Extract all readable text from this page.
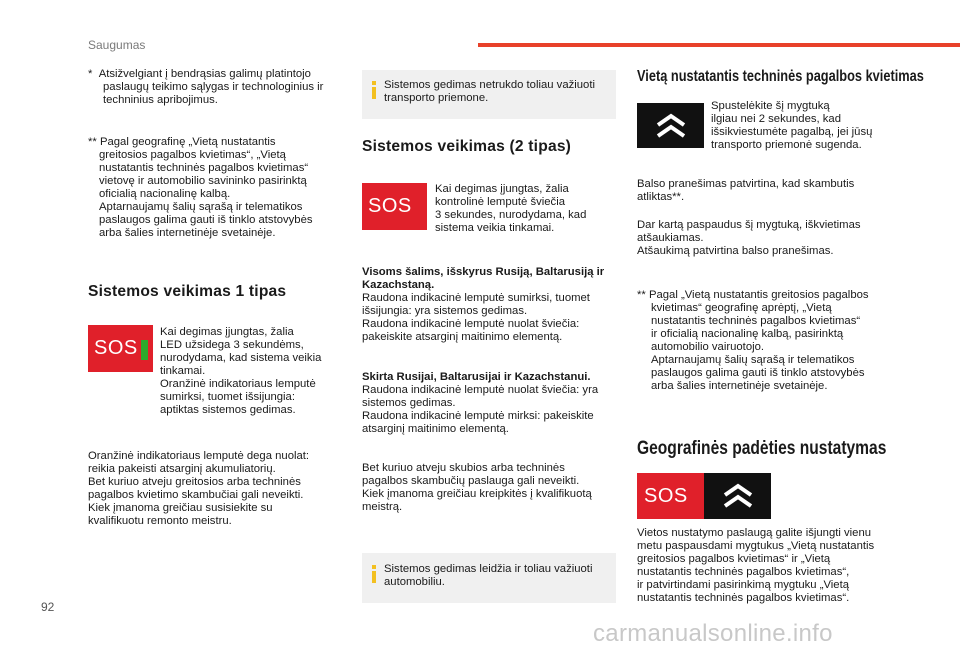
Saugumas

* Atsižvelgiant į bendrąsias galimų platintojo paslaugų teikimo sąlygas ir technologinius ir techninius apribojimus.

** Pagal geografinę „Vietą nustatantis
greitosios pagalbos kvietimas“, „Vietą
nustatantis techninės pagalbos kvietimas“
vietovę ir automobilio savininko pasirinktą
oficialią nacionalinę kalbą.
Aptarnaujamų šalių sąrašą ir telematikos
paslaugos galima gauti iš tinklo atstovybės
arba šalies internetinėje svetainėje.
Sistemos veikimas 1 tipas
SOS
Kai degimas įjungtas, žalia
LED užsidega 3 sekundėms,
nurodydama, kad sistema veikia
tinkamai.
Oranžinė indikatoriaus lemputė
sumirksi, tuomet išsijungia:
aptiktas sistemos gedimas.
Oranžinė indikatoriaus lemputė dega nuolat:
reikia pakeisti atsarginį akumuliatorių.
Bet kuriuo atveju greitosios arba techninės
pagalbos kvietimo skambučiai gali neveikti.
Kiek įmanoma greičiau susisiekite su
kvalifikuotu remonto meistru.
Sistemos gedimas netrukdo toliau važiuoti transporto priemone.
Sistemos veikimas (2 tipas)
SOS
Kai degimas įjungtas, žalia
kontrolinė lemputė šviečia
3 sekundes, nurodydama, kad
sistema veikia tinkamai.
Visoms šalims, išskyrus Rusiją, Baltarusiją ir Kazachstaną.
Raudona indikacinė lemputė sumirksi, tuomet
išsijungia: yra sistemos gedimas.
Raudona indikacinė lemputė nuolat šviečia:
pakeiskite atsarginį maitinimo elementą.
Skirta Rusijai, Baltarusijai ir Kazachstanui.
Raudona indikacinė lemputė nuolat šviečia: yra
sistemos gedimas.
Raudona indikacinė lemputė mirksi: pakeiskite
atsarginį maitinimo elementą.
Bet kuriuo atveju skubios arba techninės
pagalbos skambučių paslauga gali neveikti.
Kiek įmanoma greičiau kreipkitės į kvalifikuotą
meistrą.
Sistemos gedimas leidžia ir toliau važiuoti automobiliu.
Vietą nustatantis techninės pagalbos kvietimas
Spustelėkite šį mygtuką
ilgiau nei 2 sekundes, kad
išsikviestumėte pagalbą, jei jūsų
transporto priemonė sugenda.
Balso pranešimas patvirtina, kad skambutis atliktas**.
Dar kartą paspaudus šį mygtuką, iškvietimas
atšaukiamas.
Atšaukimą patvirtina balso pranešimas.
** Pagal „Vietą nustatantis greitosios pagalbos
kvietimas“ geografinę aprėptį, „Vietą
nustatantis techninės pagalbos kvietimas“
ir oficialią nacionalinę kalbą, pasirinktą
automobilio vairuotojo.
Aptarnaujamų šalių sąrašą ir telematikos
paslaugos galima gauti iš tinklo atstovybės
arba šalies internetinėje svetainėje.
Geografinės padėties nustatymas
SOS
Vietos nustatymo paslaugą galite išjungti vienu
metu paspausdami mygtukus „Vietą nustatantis
greitosios pagalbos kvietimas“ ir „Vietą
nustatantis techninės pagalbos kvietimas“,
ir patvirtindami pasirinkimą mygtuku „Vietą
nustatantis techninės pagalbos kvietimas“.
92
carmanualsonline.info
